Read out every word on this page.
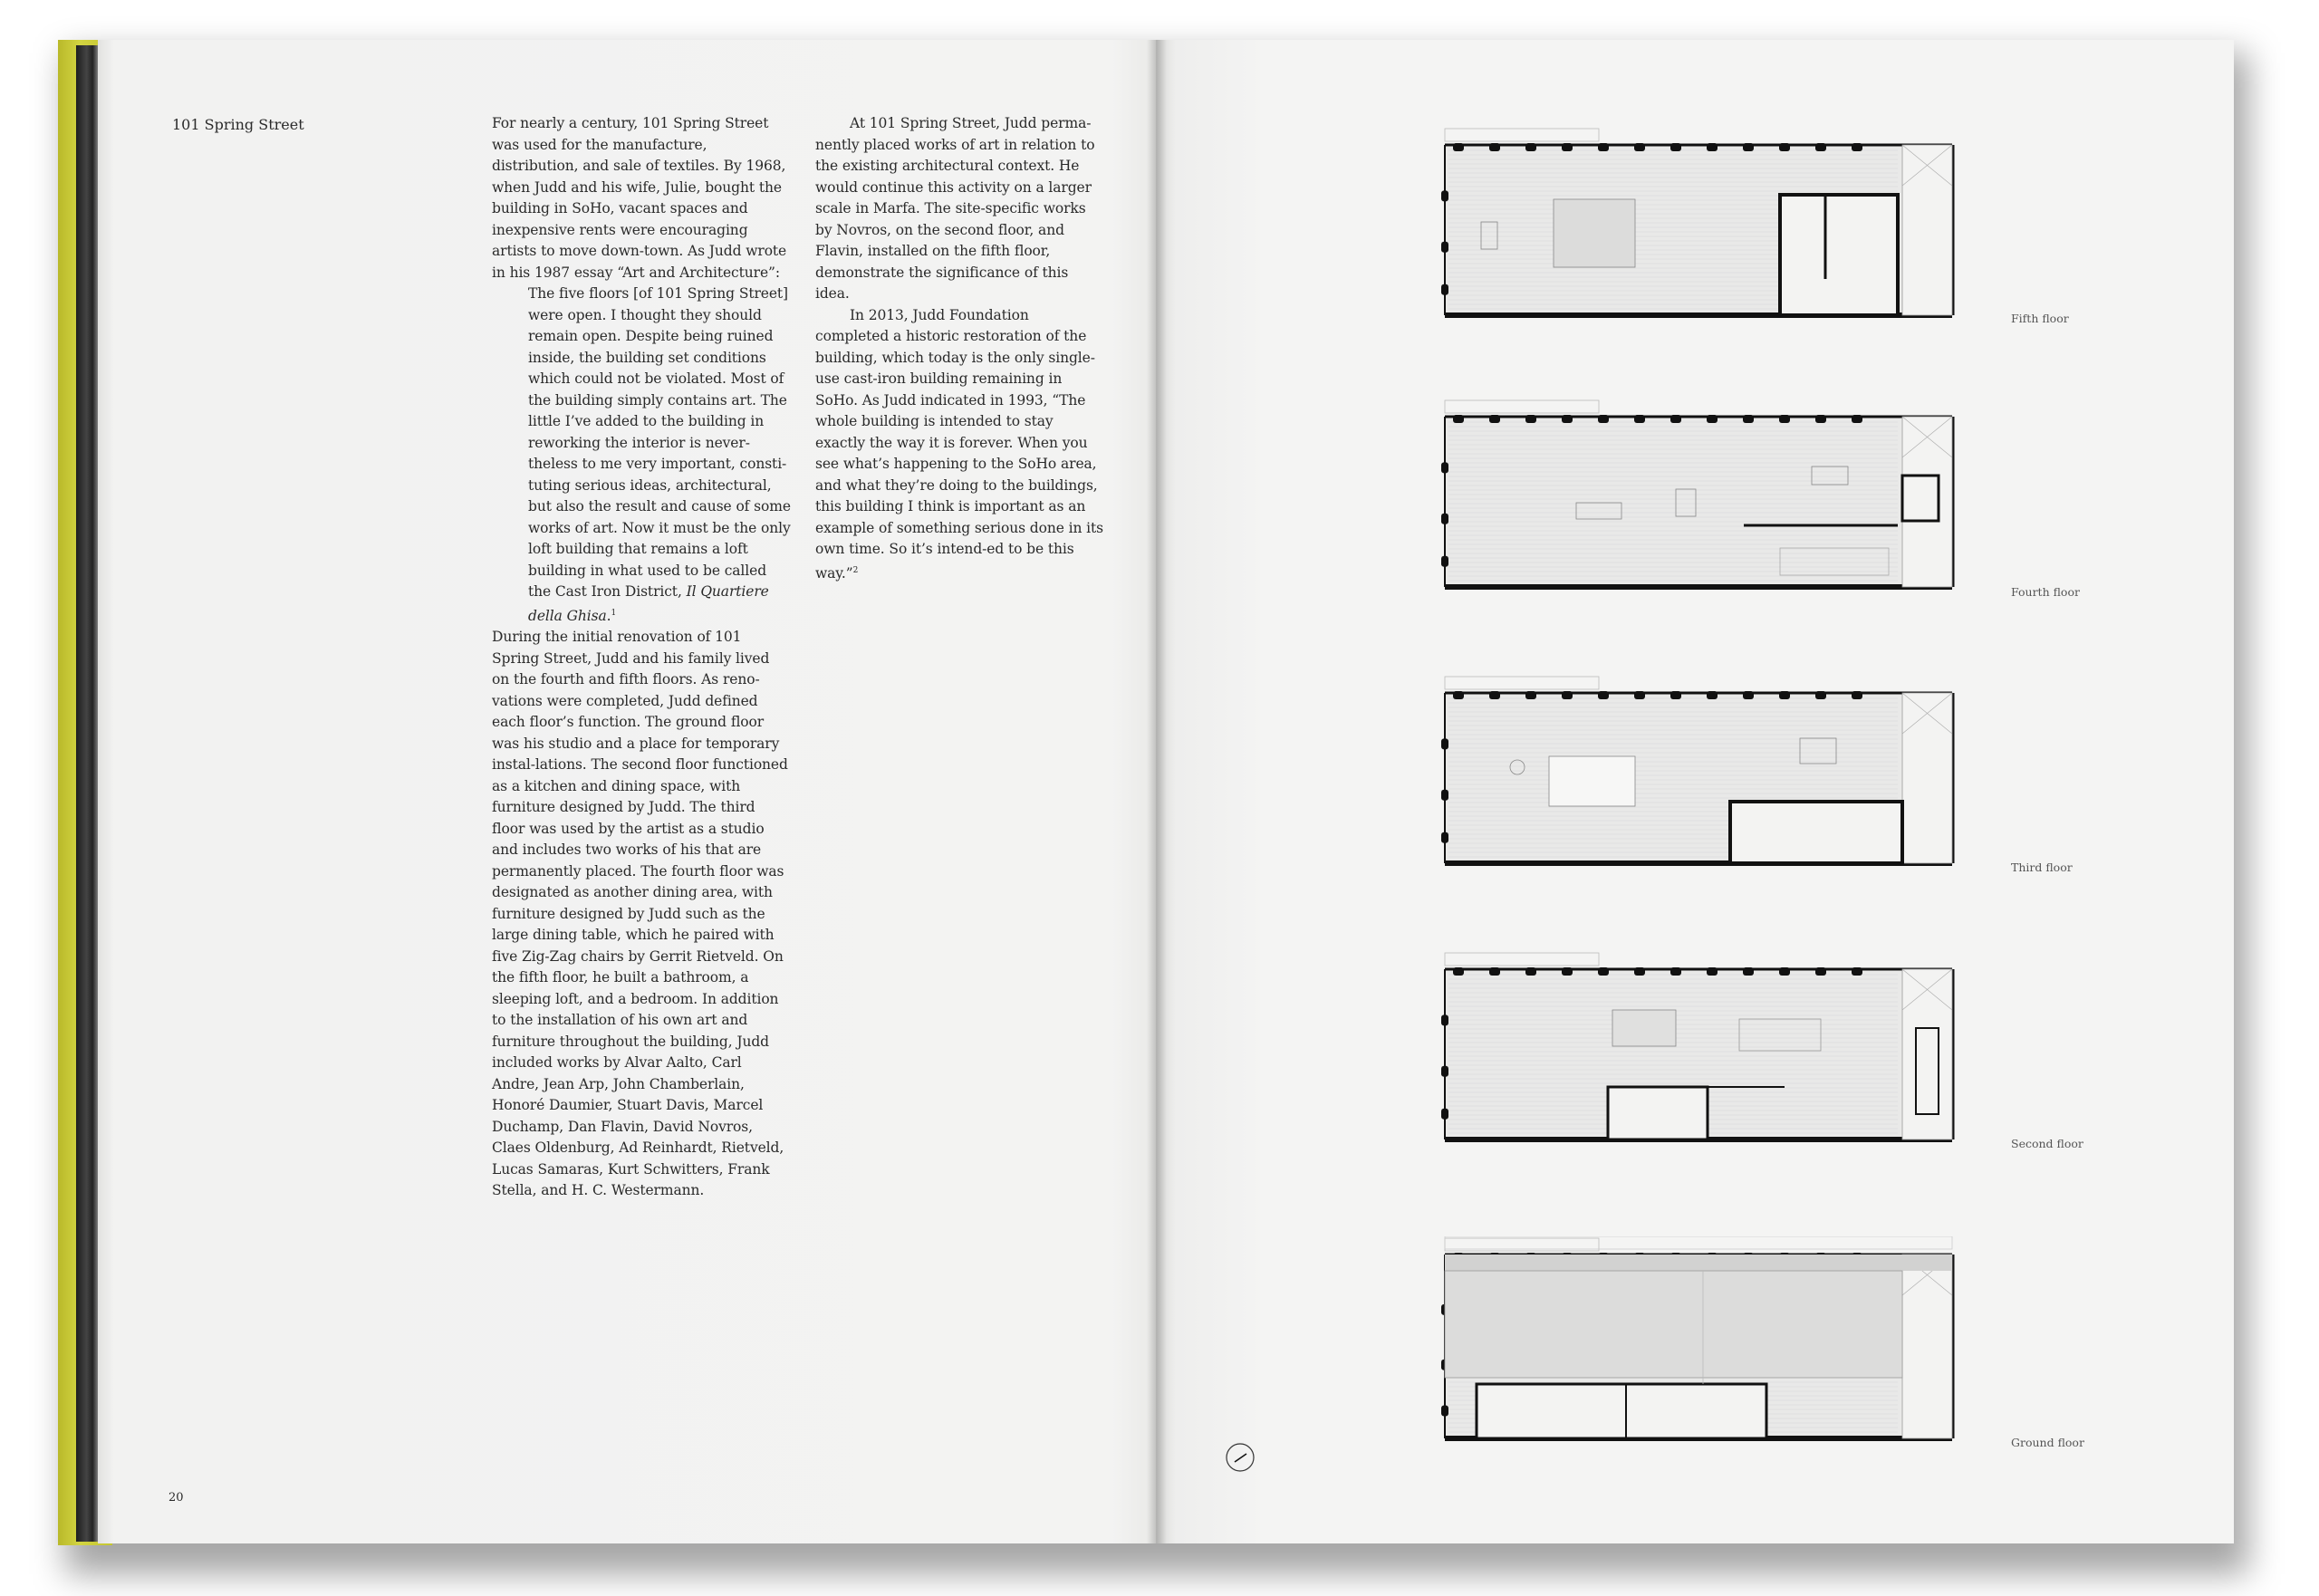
101 Spring Street	For nearly a century, 101 Spring Street was used for the manufacture, distribution, and sale of textiles. By 1968, when Judd and his wife, Julie, bought the building in SoHo, vacant spaces and inexpensive rents were encouraging artists to move down-town. As Judd wrote in his 1987 essay “Art and Architecture”:

The five floors [of 101 Spring Street] were open. I thought they should remain open. Despite being ruined inside, the building set conditions which could not be violated. Most of the building simply contains art. The little I’ve added to the building in reworking the interior is never-theless to me very important, consti-tuting serious ideas, architectural, but also the result and cause of some works of art. Now it must be the only loft building that remains a loft building in what used to be called the Cast Iron District, Il Quartiere della Ghisa.$^1$

During the initial renovation of 101 Spring Street, Judd and his family lived on the fourth and fifth floors. As reno-vations were completed, Judd defined each floor’s function. The ground floor was his studio and a place for temporary instal-lations. The second floor functioned as a kitchen and dining space, with furniture designed by Judd. The third floor was used by the artist as a studio and includes two works of his that are permanently placed. The fourth floor was designated as another dining area, with furniture designed by Judd such as the large dining table, which he paired with five Zig-Zag chairs by Gerrit Rietveld. On the fifth floor, he built a bathroom, a sleeping loft, and a bedroom. In addition to the installation of his own art and furniture throughout the building, Judd included works by Alvar Aalto, Carl Andre, Jean Arp, John Chamberlain, Honoré Daumier, Stuart Davis, Marcel Duchamp, Dan Flavin, David Novros, Claes Oldenburg, Ad Reinhardt, Rietveld, Lucas Samaras, Kurt Schwitters, Frank Stella, and H. C. Westermann.

At 101 Spring Street, Judd perma-nently placed works of art in relation to the existing architectural context. He would continue this activity on a larger scale in Marfa. The site-specific works by Novros, on the second floor, and Flavin, installed on the fifth floor, demonstrate the significance of this idea.

In 2013, Judd Foundation completed a historic restoration of the building, which today is the only single-use cast-iron building remaining in SoHo. As Judd indicated in 1993, “The whole building is intended to stay exactly the way it is forever. When you see what’s happening to the SoHo area, and what they’re doing to the buildings, this building I think is important as an example of something serious done in its own time. So it’s intend-ed to be this way.”$^2$

20

Fifth floor

Fourth floor

Third floor

Second floor

Ground floor
